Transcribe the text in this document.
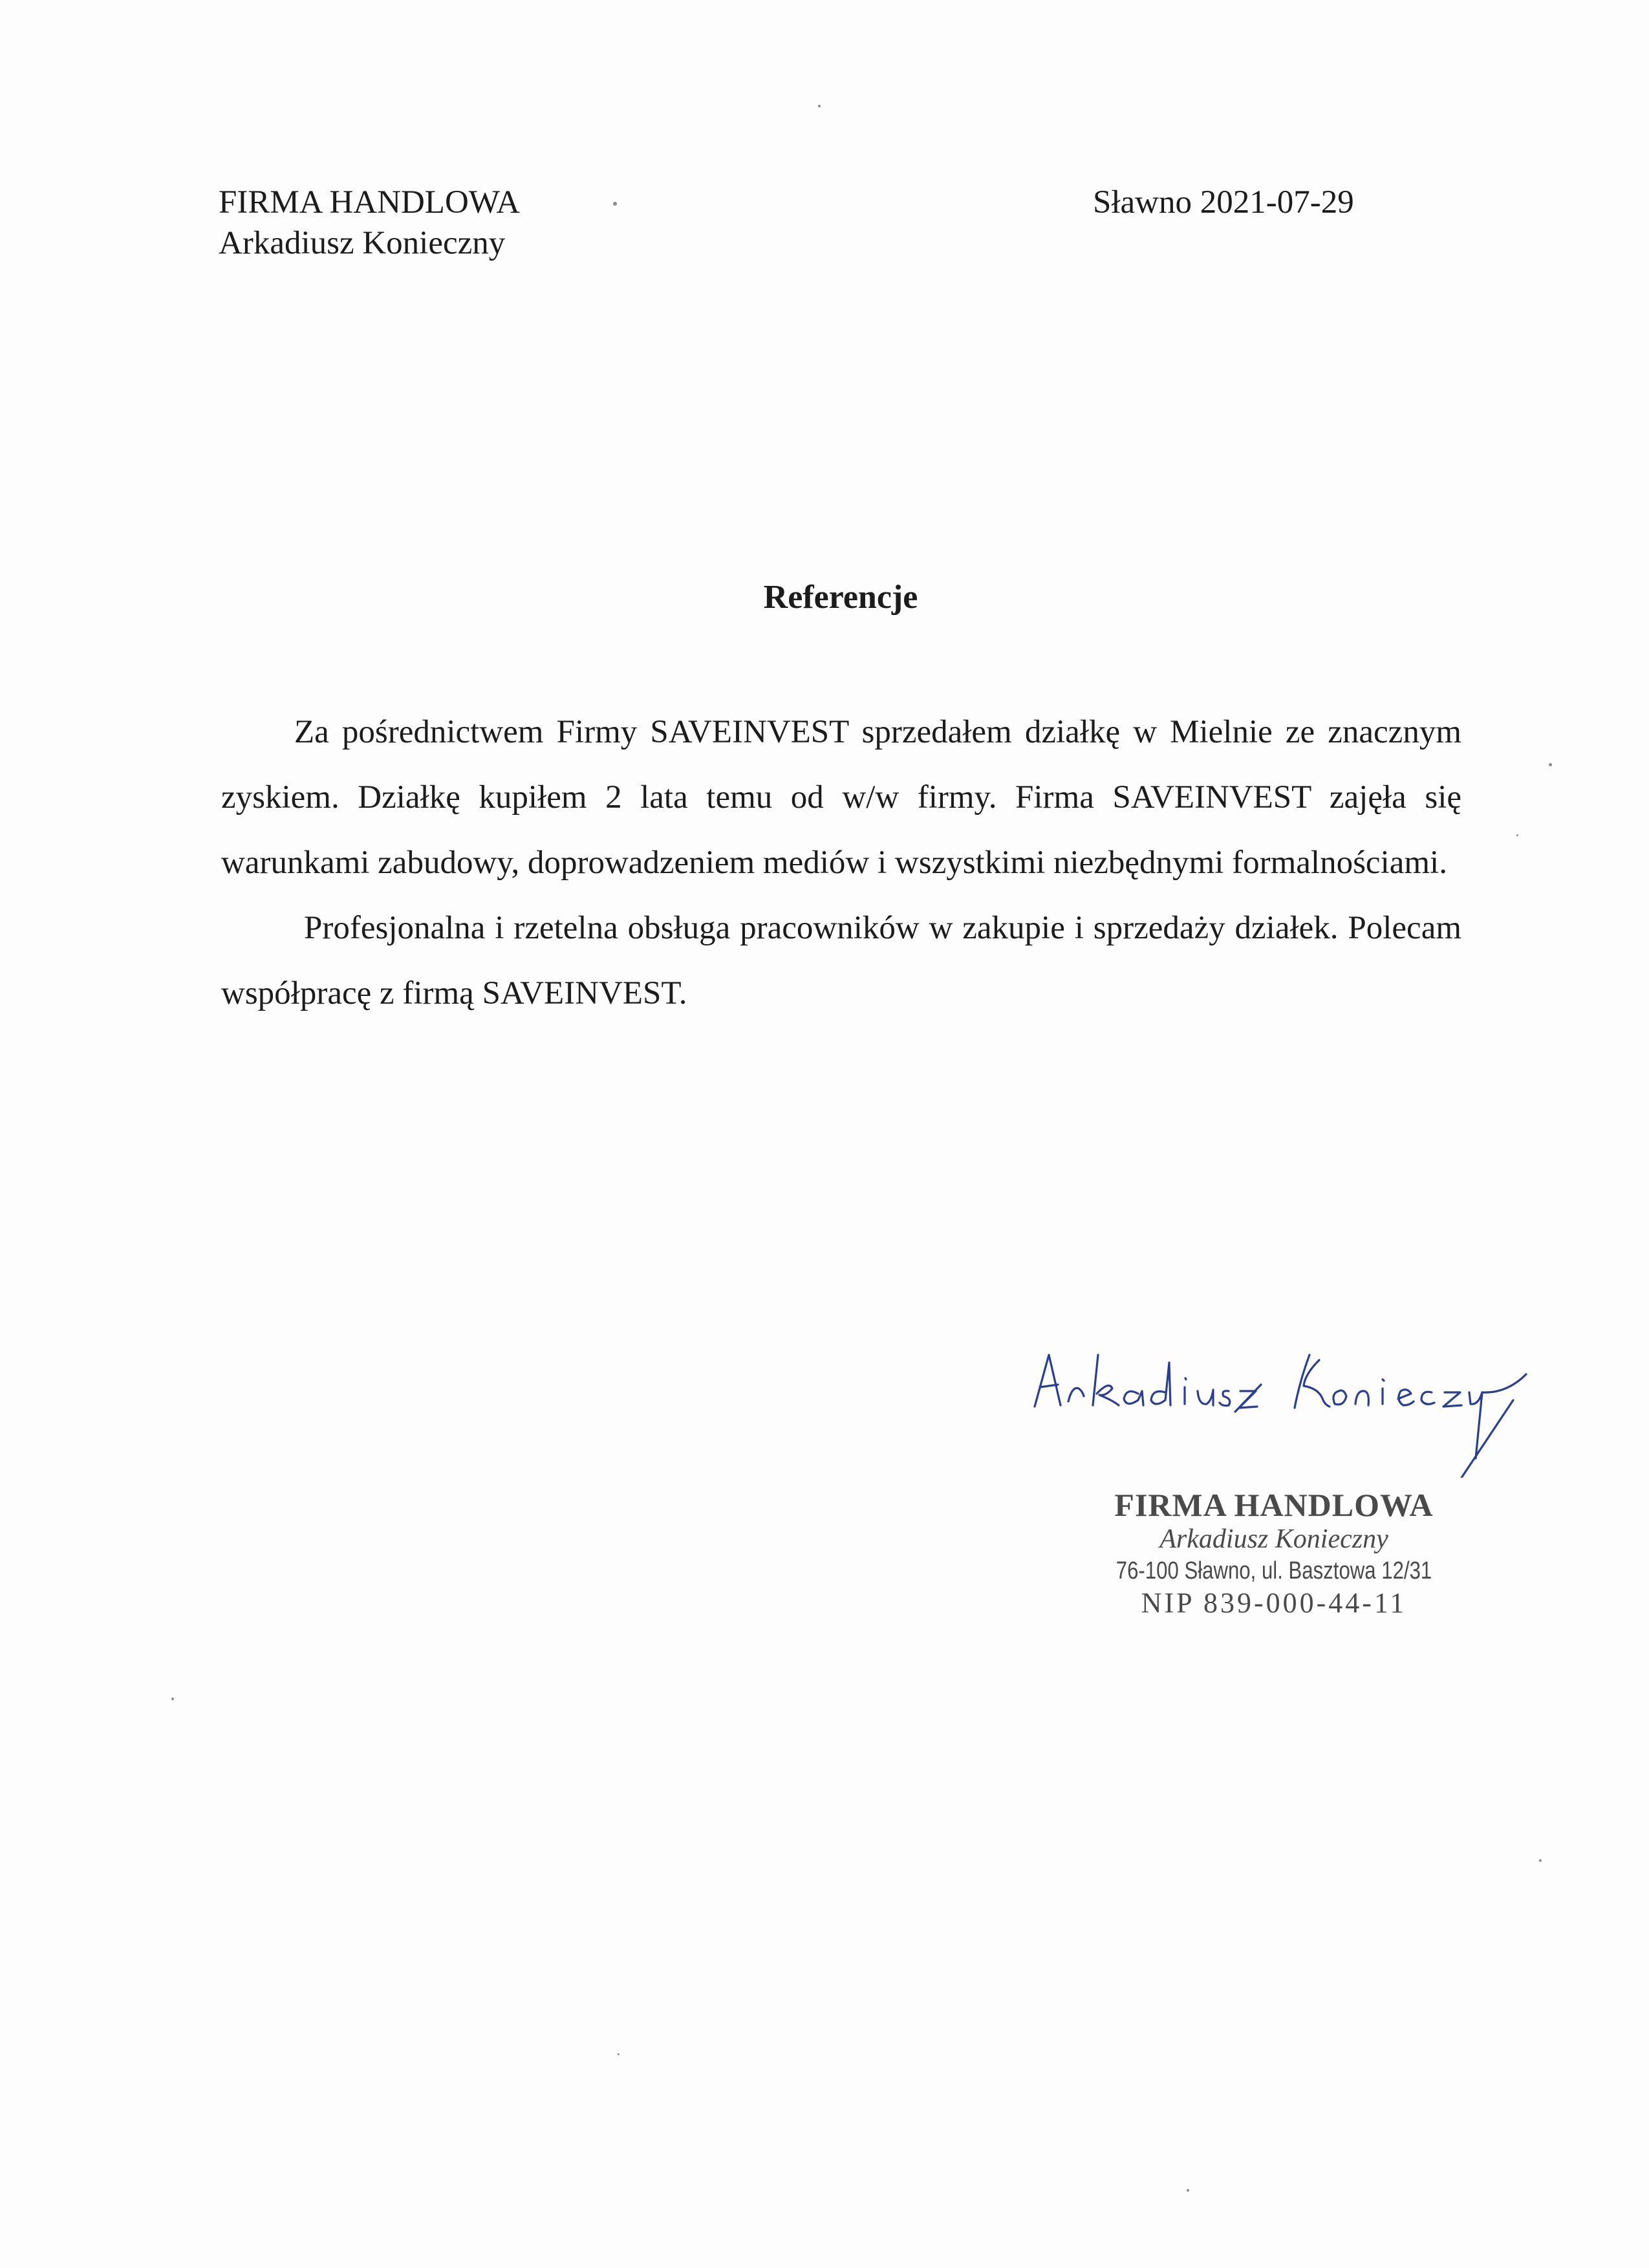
FIRMA HANDLOWA
Arkadiusz Konieczny
Sławno 2021-07-29
Referencje

Za pośrednictwem Firmy SAVEINVEST sprzedałem działkę w Mielnie ze znacznym zyskiem. Działkę kupiłem 2 lata temu od w/w firmy. Firma SAVEINVEST zajęła się warunkami zabudowy, doprowadzeniem mediów i wszystkimi niezbędnymi formalnościami.

Profesjonalna i rzetelna obsługa pracowników w zakupie i sprzedaży działek. Polecam współpracę z firmą SAVEINVEST.

FIRMA HANDLOWA
Arkadiusz Konieczny
76-100 Sławno, ul. Basztowa 12/31
NIP 839-000-44-11
